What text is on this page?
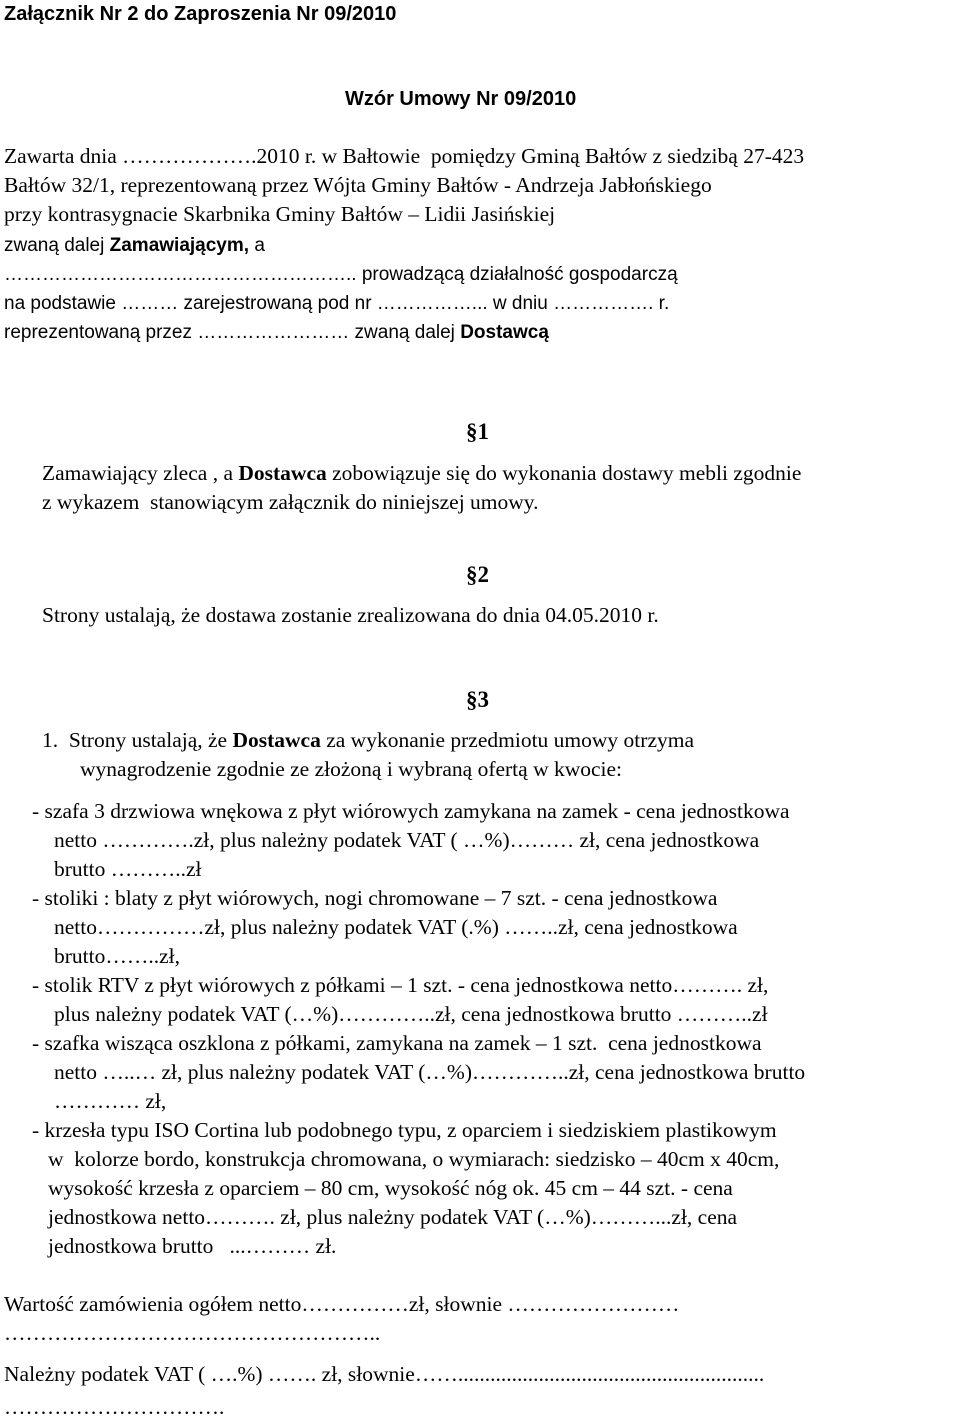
Załącznik Nr 2 do Zaproszenia Nr 09/2010
Wzór Umowy Nr 09/2010
Zawarta dnia ……………….2010 r. w Bałtowie  pomiędzy Gminą Bałtów z siedzibą 27-423
Bałtów 32/1, reprezentowaną przez Wójta Gminy Bałtów - Andrzeja Jabłońskiego
przy kontrasygnacie Skarbnika Gminy Bałtów – Lidii Jasińskiej
zwaną dalej Zamawiającym, a
……………………………………………….. prowadzącą działalność gospodarczą
na podstawie ……… zarejestrowaną pod nr ……………... w dniu ……………. r.
reprezentowaną przez …………………… zwaną dalej Dostawcą
§1
Zamawiający zleca , a Dostawca zobowiązuje się do wykonania dostawy mebli zgodnie
z wykazem  stanowiącym załącznik do niniejszej umowy.
§2
Strony ustalają, że dostawa zostanie zrealizowana do dnia 04.05.2010 r.
§3
1.  Strony ustalają, że Dostawca za wykonanie przedmiotu umowy otrzyma
wynagrodzenie zgodnie ze złożoną i wybraną ofertą w kwocie:
- szafa 3 drzwiowa wnękowa z płyt wiórowych zamykana na zamek - cena jednostkowa
netto ………….zł, plus należny podatek VAT ( …%)……… zł, cena jednostkowa
brutto ………..zł
- stoliki : blaty z płyt wiórowych, nogi chromowane – 7 szt. - cena jednostkowa
netto……………zł, plus należny podatek VAT (.%) ……..zł, cena jednostkowa
brutto……..zł,
- stolik RTV z płyt wiórowych z półkami – 1 szt. - cena jednostkowa netto………. zł,
plus należny podatek VAT (…%)…………..zł, cena jednostkowa brutto ………..zł
- szafka wisząca oszklona z półkami, zamykana na zamek – 1 szt.  cena jednostkowa
netto …..… zł, plus należny podatek VAT (…%)…………..zł, cena jednostkowa brutto
………… zł,
- krzesła typu ISO Cortina lub podobnego typu, z oparciem i siedziskiem plastikowym
w  kolorze bordo, konstrukcja chromowana, o wymiarach: siedzisko – 40cm x 40cm,
wysokość krzesła z oparciem – 80 cm, wysokość nóg ok. 45 cm – 44 szt. - cena
jednostkowa netto………. zł, plus należny podatek VAT (…%)………...zł, cena
jednostkowa brutto   ...……… zł.
Wartość zamówienia ogółem netto……………zł, słownie ……………………
……………………………………………..
Należny podatek VAT ( ….%) ……. zł, słownie…….........................................................
………………………….
